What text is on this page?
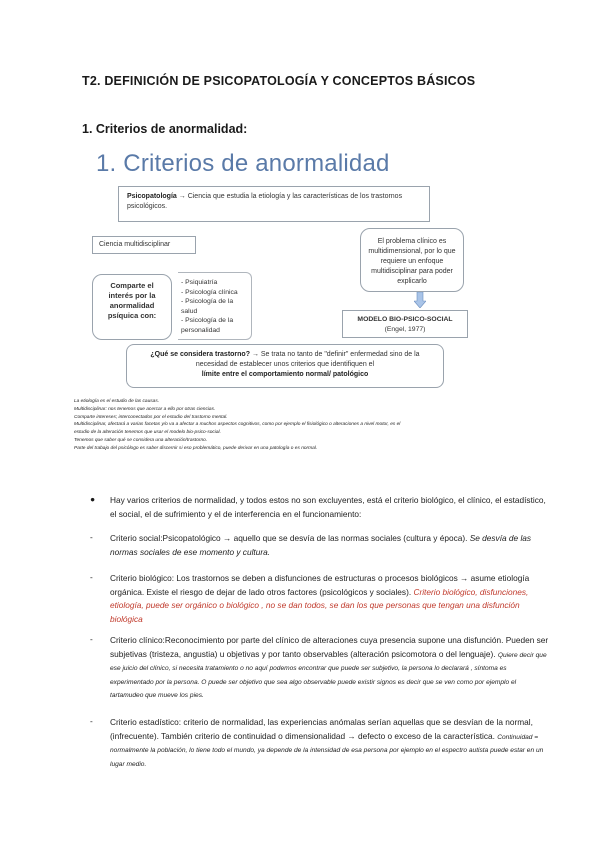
T2. DEFINICIÓN DE PSICOPATOLOGÍA Y CONCEPTOS BÁSICOS
1. Criterios de anormalidad:
1. Criterios de anormalidad
Psicopatología → Ciencia que estudia la etiología y las características de los trastornos psicológicos.
Ciencia multidisciplinar	El problema clínico es multidimensional, por lo que requiere un enfoque multidisciplinar para poder explicarlo
Comparte el interés por la anormalidad psíquica con:
- Psiquiatría
- Psicología clínica
- Psicología de la salud
- Psicología de la personalidad
MODELO BIO-PSICO-SOCIAL
(Engel, 1977)
¿Qué se considera trastorno? → Se trata no tanto de "definir" enfermedad sino de la necesidad de establecer unos criterios que identifiquen el
límite entre el comportamiento normal/ patológico
La etiología es el estudio de las causas.
Multidisciplinar: nos tenemos que acercar a ello por otras ciencias.
Comparte intereses; interconectados por el estudio del trastorno mental.
Multidisciplinar, afectará a varias facetas y/o va a afectar a muchos aspectos cognitivos, como por ejemplo el fisiológico o alteraciones a nivel motor, es el
estudio de la alteración tenemos que usar el modelo bio-psico-social.
Tenemos que saber qué se considera una alteración/trastorno.
Parte del trabajo del psicólogo es saber discernir si eso problemático, puede derivar en una patología o es normal.
●	Hay varios criterios de normalidad, y todos estos no son excluyentes, está el criterio biológico, el clínico, el estadístico, el social, el de sufrimiento y el de interferencia en el funcionamiento:
-	Criterio social:Psicopatológico → aquello que se desvía de las normas sociales (cultura y época). Se desvía de las normas sociales de ese momento y cultura.
-	Criterio biológico: Los trastornos se deben a disfunciones de estructuras o procesos biológicos → asume etiología orgánica. Existe el riesgo de dejar de lado otros factores (psicológicos y sociales). Criterio biológico, disfunciones, etiología, puede ser orgánico o biológico , no se dan todos, se dan los que personas que tengan una disfunción biológica
-	Criterio clínico:Reconocimiento por parte del clínico de alteraciones cuya presencia supone una disfunción. Pueden ser subjetivas (tristeza, angustia) u objetivas y por tanto observables (alteración psicomotora o del lenguaje). Quiere decir que ese juicio del clínico, si necesita tratamiento o no aquí podemos encontrar que puede ser subjetivo, la persona lo declarará , síntoma es experimentado por la persona. O puede ser objetivo que sea algo observable puede existir signos es decir que se ven como por ejemplo el tartamudeo que mueve los pies.
-	Criterio estadístico: criterio de normalidad, las experiencias anómalas serían aquellas que se desvían de la normal, (infrecuente). También criterio de continuidad o dimensionalidad → defecto o exceso de la característica. Continuidad = normalmente la población, lo tiene todo el mundo, ya depende de la intensidad de esa persona por ejemplo en el espectro autista puede estar en un lugar medio.
